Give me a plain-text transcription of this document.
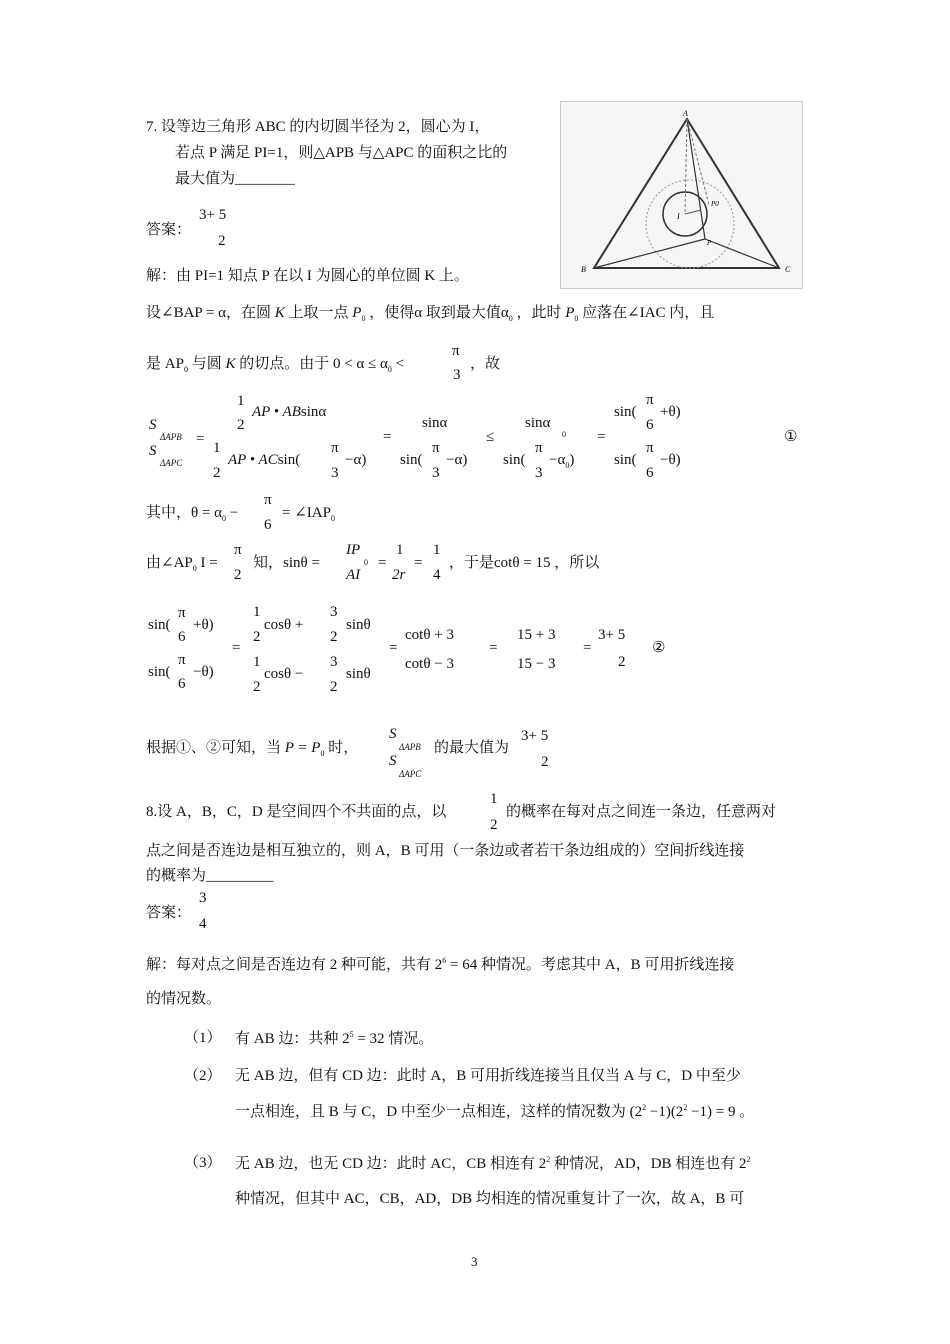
A
B	C
I
P
P0
7. 设等边三角形 ABC 的内切圆半径为 2，圆心为 I，
若点 P 满足 PI=1，则△APB 与△APC 的面积之比的
最大值为________
答案：
3+ 5
2
解：由 PI=1 知点 P 在以 I 为圆心的单位圆 K 上。
设∠BAP = α，在圆 K 上取一点 $P_0$ ，使得α 取到最大值$\alpha_0$ ，此时 $P_0$ 应落在∠IAC 内，且
是 $AP_0$ 与圆 K 的切点。由于 $0 < \alpha \le \alpha_0$ <
π
3
，故
S
ΔAPB
S
ΔAPC
=
1
2
AP • ABsinα
1
2
AP • ACsin(
π
3
−α)
=
sinα
sin(
π
3
−α)
≤
sinα
0
sin(
π
3
$-\alpha_0$)
=
sin(
π
6
+θ)
sin(
π
6
−θ)
①
其中，$\theta = \alpha_0$ −
π
6
= $\angle IAP_0$
由$\angle AP_0$ I =
π
2
知，sinθ =
IP
AI
0 =
1
2r
=
1
4
，于是cotθ = 15 ，所以
sin(
π
6
+θ)
sin(
π
6
−θ)
=
1
2
cosθ +
3
2
sinθ
1
2
cosθ −
3
2
sinθ
=
cotθ + 3
cotθ − 3
=
15 + 3
15 − 3
=
3+ 5
2
②
根据①、②可知，当 $P = P_0$ 时，
S
ΔAPB
S
ΔAPC
的最大值为
3+ 5
2
8.设 A，B，C，D 是空间四个不共面的点，以
1
2
的概率在每对点之间连一条边，任意两对
点之间是否连边是相互独立的，则 A，B 可用（一条边或者若干条边组成的）空间折线连接
的概率为_________
答案：
3
4
解：每对点之间是否连边有 2 种可能，共有 $2^6 = 64$ 种情况。考虑其中 A，B 可用折线连接
的情况数。
（1） 有 AB 边：共种 $2^5 = 32$ 情况。
（2） 无 AB 边，但有 CD 边：此时 A，B 可用折线连接当且仅当 A 与 C，D 中至少
一点相连，且 B 与 C，D 中至少一点相连，这样的情况数为 $(2^2 -1)(2^2 -1) = 9$ 。
（3） 无 AB 边，也无 CD 边：此时 AC，CB 相连有 $2^2$ 种情况，AD，DB 相连也有 $2^2$
种情况，但其中 AC，CB，AD，DB 均相连的情况重复计了一次，故 A，B 可
3
